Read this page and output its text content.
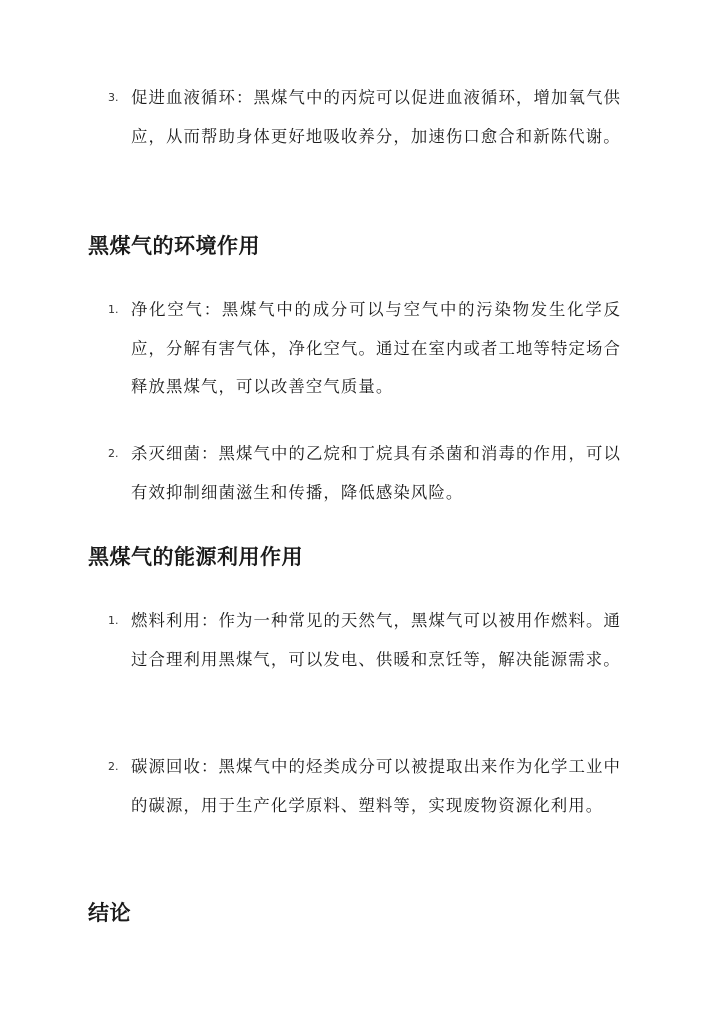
3. 促进血液循环：黑煤气中的丙烷可以促进血液循环，增加氧气供应，从而帮助身体更好地吸收养分，加速伤口愈合和新陈代谢。
黑煤气的环境作用
1. 净化空气：黑煤气中的成分可以与空气中的污染物发生化学反应，分解有害气体，净化空气。通过在室内或者工地等特定场合释放黑煤气，可以改善空气质量。
2. 杀灭细菌：黑煤气中的乙烷和丁烷具有杀菌和消毒的作用，可以有效抑制细菌滋生和传播，降低感染风险。
黑煤气的能源利用作用
1. 燃料利用：作为一种常见的天然气，黑煤气可以被用作燃料。通过合理利用黑煤气，可以发电、供暖和烹饪等，解决能源需求。
2. 碳源回收：黑煤气中的烃类成分可以被提取出来作为化学工业中的碳源，用于生产化学原料、塑料等，实现废物资源化利用。
结论
